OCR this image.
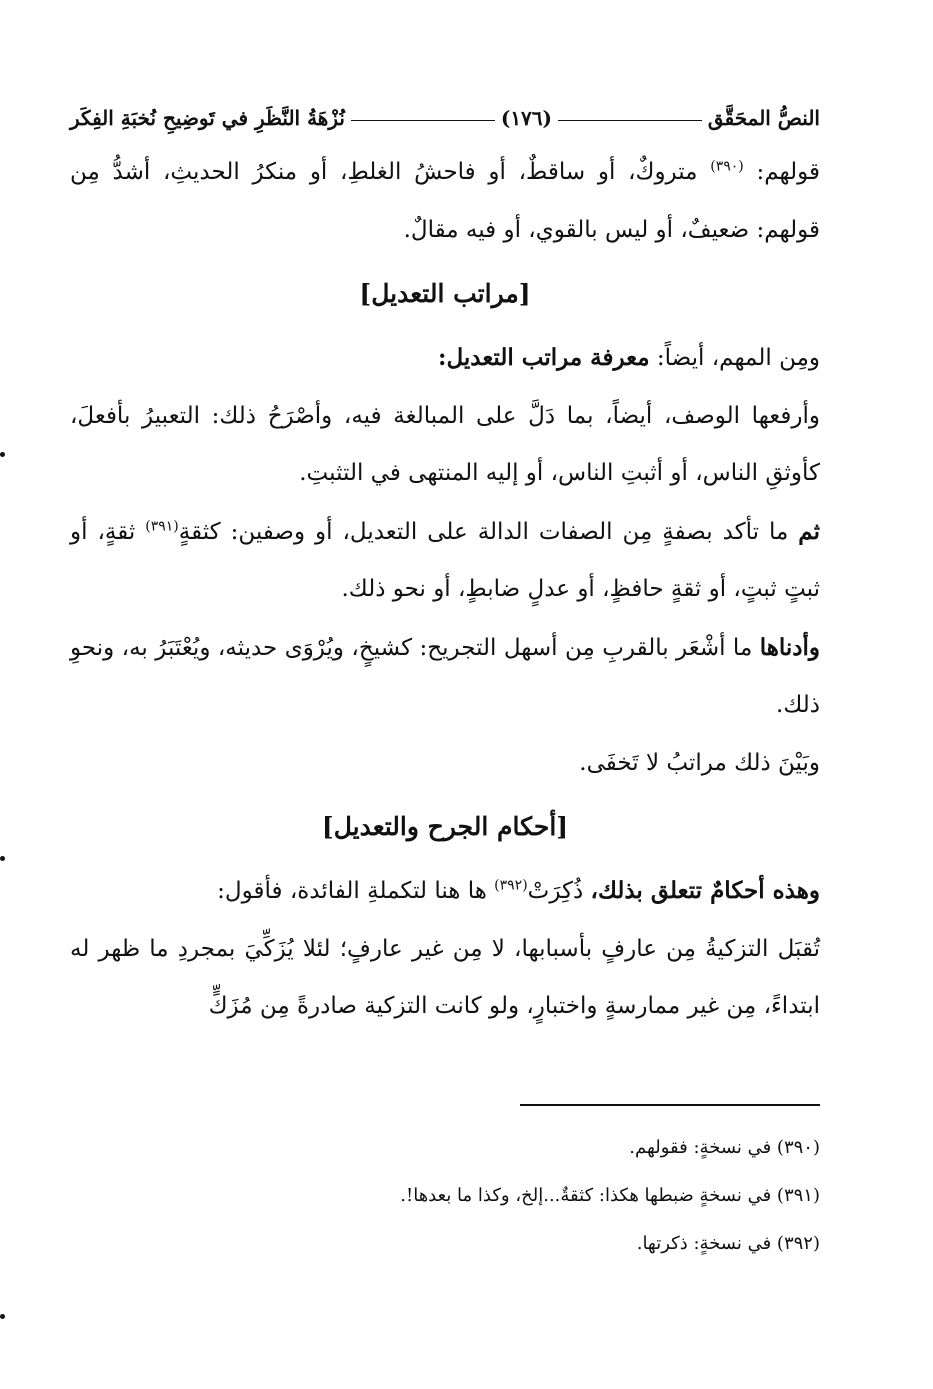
النصُّ المحَقَّق
(١٧٦)
نُزْهَةُ النَّظَرِ في تَوضِيحِ نُخبَةِ الفِكَر

قولهم: $^{(٣٩٠)}$ متروكٌ، أو ساقطٌ، أو فاحشُ الغلطِ، أو منكرُ الحديثِ، أشدُّ مِن قولهم: ضعيفٌ، أو ليس بالقوي، أو فيه مقالٌ.

[مراتب التعديل]

ومِن المهم، أيضاً: معرفة مراتب التعديل:

وأرفعها الوصف، أيضاً، بما دَلَّ على المبالغة فيه، وأصْرَحُ ذلك: التعبيرُ بأفعلَ، كأوثقِ الناس، أو أثبتِ الناس، أو إليه المنتهى في التثبتِ.

ثم ما تأكد بصفةٍ مِن الصفات الدالة على التعديل، أو وصفين: كثقةٍ$^{(٣٩١)}$ ثقةٍ، أو ثبتٍ ثبتٍ، أو ثقةٍ حافظٍ، أو عدلٍ ضابطٍ، أو نحو ذلك.

وأدناها ما أشْعَر بالقربِ مِن أسهل التجريح: كشيخٍ، ويُرْوَى حديثه، ويُعْتَبَرُ به، ونحوِ ذلك.

وبَيْنَ ذلك مراتبُ لا تَخفَى.

[أحكام الجرح والتعديل]

وهذه أحكامٌ تتعلق بذلك، ذُكِرَتْ$^{(٣٩٢)}$ ها هنا لتكملةِ الفائدة، فأقول:

تُقبَل التزكيةُ مِن عارفٍ بأسبابها، لا مِن غير عارفٍ؛ لئلا يُزَكِّيَ بمجردِ ما ظهر له ابتداءً، مِن غير ممارسةٍ واختبارٍ، ولو كانت التزكية صادرةً مِن مُزَكٍّ

(٣٩٠) في نسخةٍ: فقولهم.

(٣٩١) في نسخةٍ ضبطها هكذا: كثقةٌ...إلخ، وكذا ما بعدها!.

(٣٩٢) في نسخةٍ: ذكرتها.
